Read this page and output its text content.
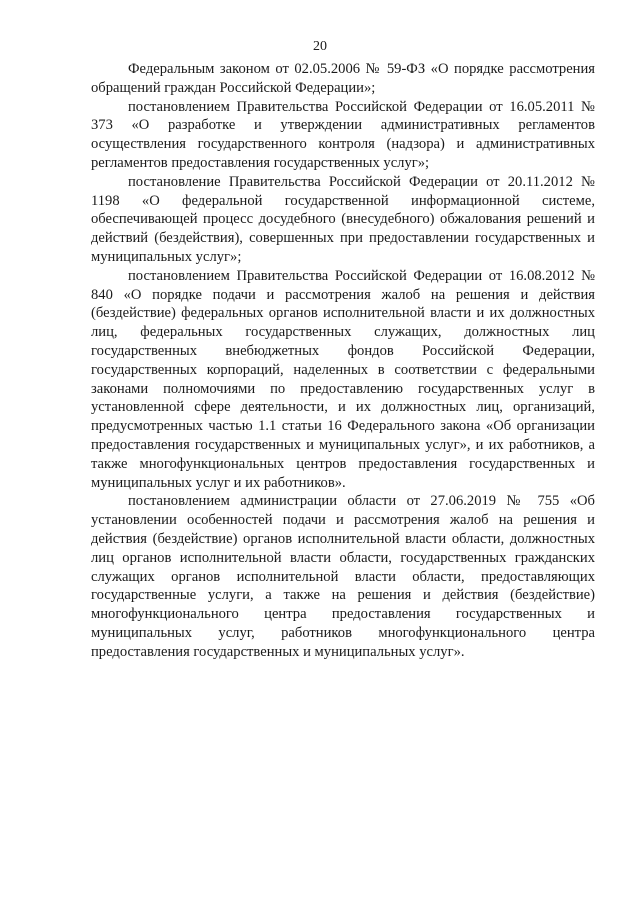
20

Федеральным законом от 02.05.2006 № 59-ФЗ «О порядке рассмотрения обращений граждан Российской Федерации»;

постановлением Правительства Российской Федерации от 16.05.2011 № 373 «О разработке и утверждении административных регламентов осуществления государственного контроля (надзора) и административных регламентов предоставления государственных услуг»;

постановление Правительства Российской Федерации от 20.11.2012 № 1198 «О федеральной государственной информационной системе, обеспечивающей процесс досудебного (внесудебного) обжалования решений и действий (бездействия), совершенных при предоставлении государственных и муниципальных услуг»;

постановлением Правительства Российской Федерации от 16.08.2012 № 840 «О порядке подачи и рассмотрения жалоб на решения и действия (бездействие) федеральных органов исполнительной власти и их должностных лиц, федеральных государственных служащих, должностных лиц государственных внебюджетных фондов Российской Федерации, государственных корпораций, наделенных в соответствии с федеральными законами полномочиями по предоставлению государственных услуг в установленной сфере деятельности, и их должностных лиц, организаций, предусмотренных частью 1.1 статьи 16 Федерального закона «Об организации предоставления государственных и муниципальных услуг», и их работников, а также многофункциональных центров предоставления государственных и муниципальных услуг и их работников».

постановлением администрации области от 27.06.2019 № 755 «Об установлении особенностей подачи и рассмотрения жалоб на решения и действия (бездействие) органов исполнительной власти области, должностных лиц органов исполнительной власти области, государственных гражданских служащих органов исполнительной власти области, предоставляющих государственные услуги, а также на решения и действия (бездействие) многофункционального центра предоставления государственных и муниципальных услуг, работников многофункционального центра предоставления государственных и муниципальных услуг».
